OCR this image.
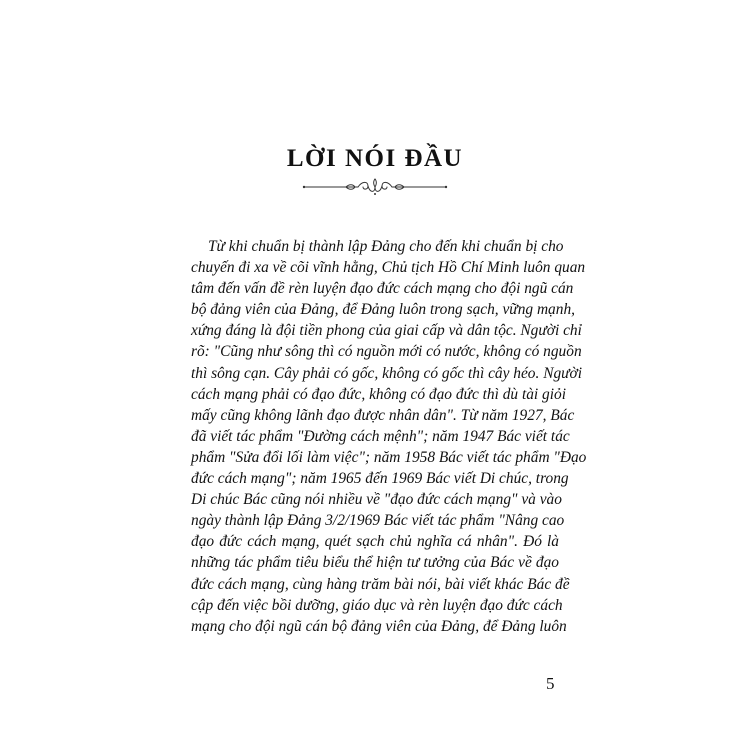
LỜI NÓI ĐẦU
Từ khi chuẩn bị thành lập Đảng cho đến khi chuẩn bị cho
chuyến đi xa về cõi vĩnh hằng, Chủ tịch Hồ Chí Minh luôn quan
tâm đến vấn đề rèn luyện đạo đức cách mạng cho đội ngũ cán
bộ đảng viên của Đảng, để Đảng luôn trong sạch, vững mạnh,
xứng đáng là đội tiền phong của giai cấp và dân tộc. Người chỉ
rõ: "Cũng như sông thì có nguồn mới có nước, không có nguồn
thì sông cạn. Cây phải có gốc, không có gốc thì cây héo. Người
cách mạng phải có đạo đức, không có đạo đức thì dù tài giỏi
mấy cũng không lãnh đạo được nhân dân". Từ năm 1927, Bác
đã viết tác phẩm "Đường cách mệnh"; năm 1947 Bác viết tác
phẩm "Sửa đổi lối làm việc"; năm 1958 Bác viết tác phẩm "Đạo
đức cách mạng"; năm 1965 đến 1969 Bác viết Di chúc, trong
Di chúc Bác cũng nói nhiều về "đạo đức cách mạng" và vào
ngày thành lập Đảng 3/2/1969 Bác viết tác phẩm "Nâng cao
đạo đức cách mạng, quét sạch chủ nghĩa cá nhân". Đó là
những tác phẩm tiêu biểu thể hiện tư tưởng của Bác về đạo
đức cách mạng, cùng hàng trăm bài nói, bài viết khác Bác đề
cập đến việc bồi dưỡng, giáo dục và rèn luyện đạo đức cách
mạng cho đội ngũ cán bộ đảng viên của Đảng, để Đảng luôn
5
